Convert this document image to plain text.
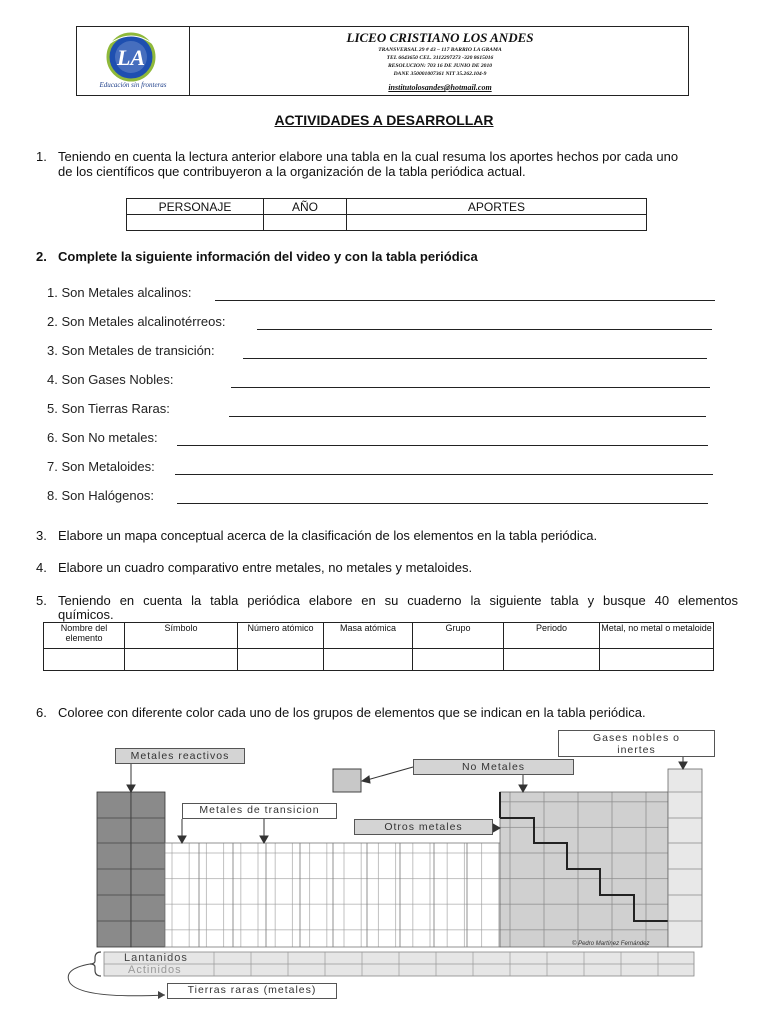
LA
Educación sin fronteras
LICEO CRISTIANO LOS ANDES
TRANSVERSAL 29 # 43 – 117 BARRIO LA GRAMA
TEL 6643650 CEL. 3112297273 -320 8615016
RESOLUCION: 703 16 DE JUNIO DE 2010
DANE 350001007361 NIT 35.262.104-9
institutolosandes@hotmail.com
ACTIVIDADES A DESARROLLAR
1. Teniendo en cuenta la lectura anterior elabore una tabla en la cual resuma los aportes hechos por cada uno
de los científicos que contribuyeron a la organización de la tabla periódica actual.
PERSONAJE	AÑO	APORTES

2. Complete la siguiente información del video y con la tabla periódica
1. Son Metales alcalinos:
2. Son Metales alcalinotérreos:
3. Son Metales de transición:
4. Son Gases Nobles:
5. Son Tierras Raras:
6. Son No metales:
7. Son Metaloides:
8. Son Halógenos:
3. Elabore un mapa conceptual acerca de la clasificación de los elementos en la tabla periódica.
4. Elabore un cuadro comparativo entre metales, no metales y metaloides.
5. Teniendo en cuenta la tabla periódica elabore en su cuaderno la siguiente tabla y busque 40 elementos
químicos.
Nombre del elemento	Símbolo	Número atómico	Masa atómica	Grupo	Periodo	Metal, no metal o metaloide

6. Coloree con diferente color cada uno de los grupos de elementos que se indican en la tabla periódica.
Metales reactivos
No Metales
Gases nobles o
inertes
Metales de transicion
Otros metales
© Pedro Martínez Fernández
Lantanidos
Actinidos
Tierras raras (metales)
